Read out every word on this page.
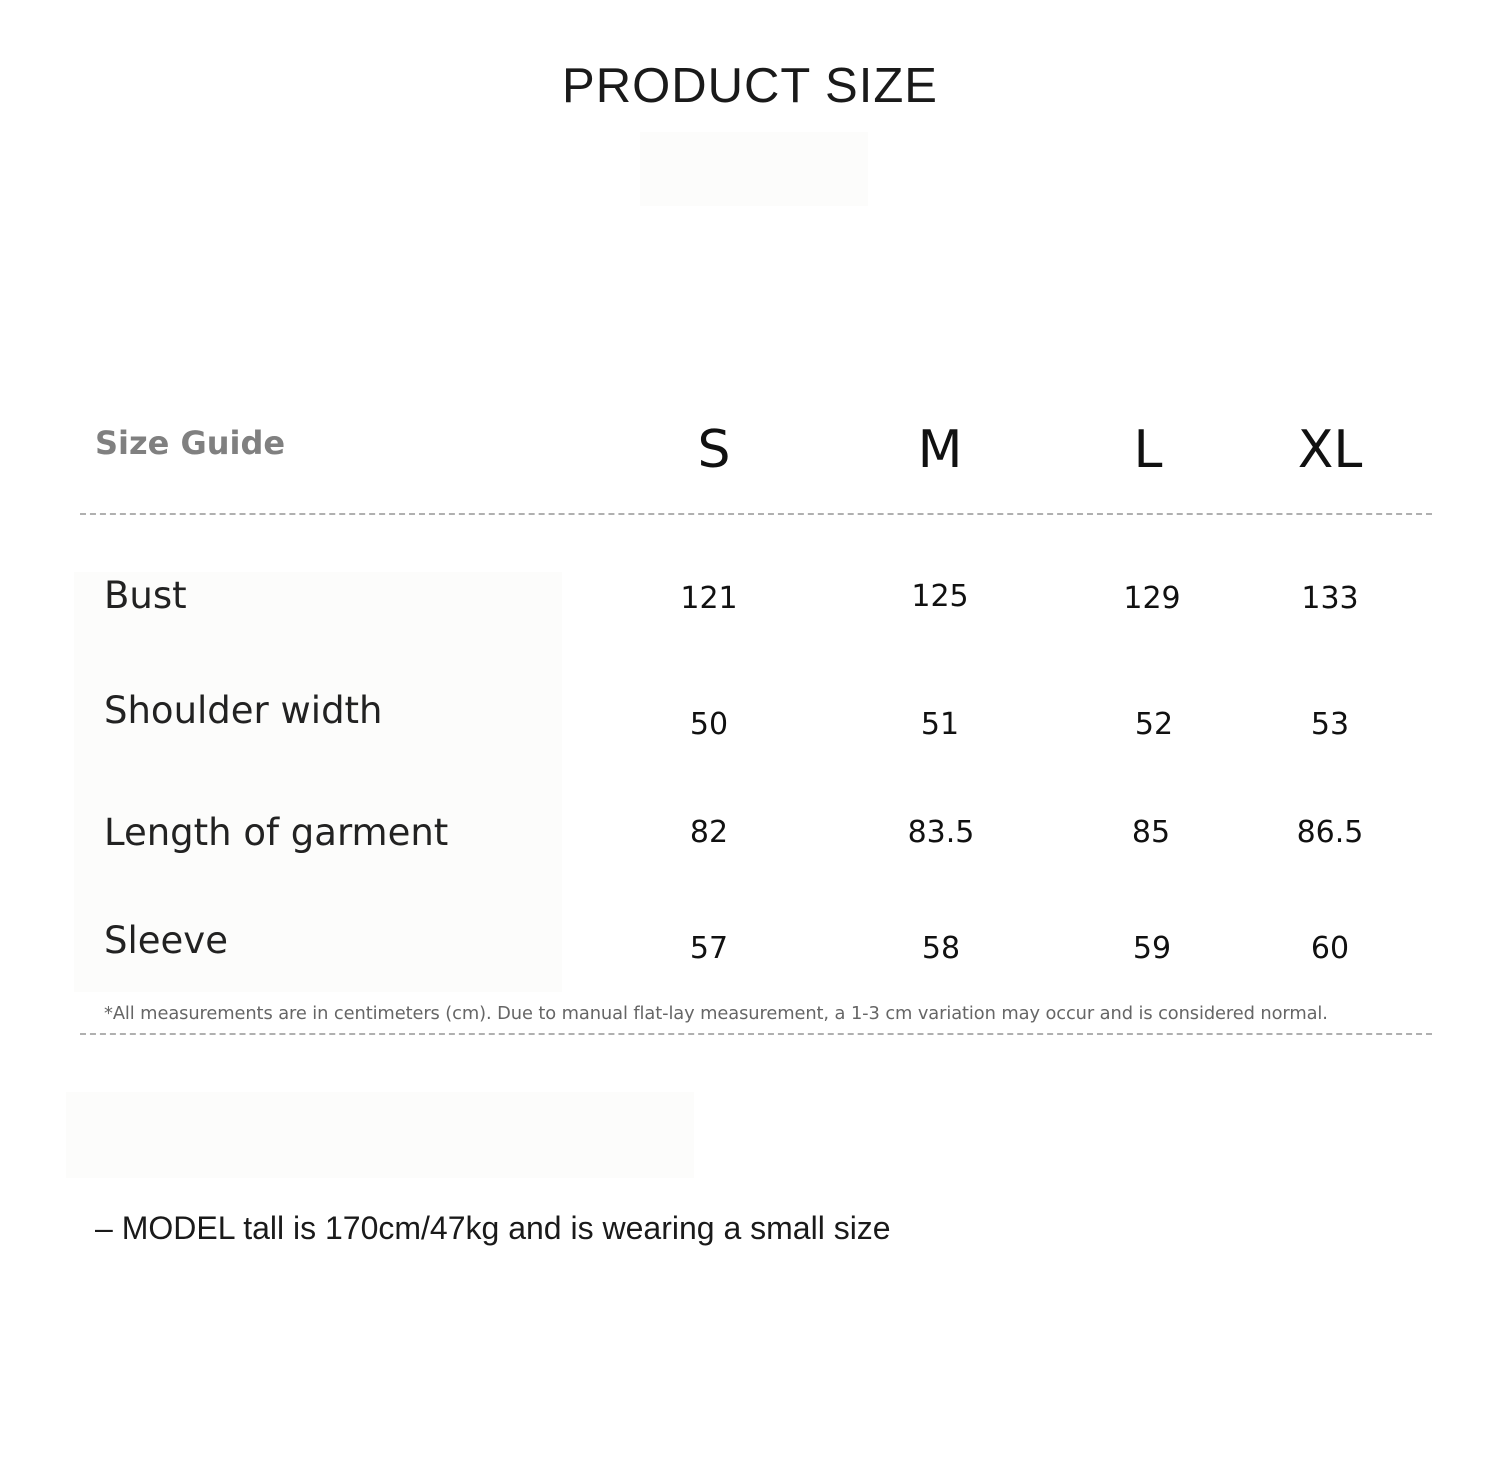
PRODUCT SIZE
Size Guide	S	M	L	XL
Bust	121	125	129	133
Shoulder width	50	51	52	53
Length of garment	82	83.5	85	86.5
Sleeve	57	58	59	60
*All measurements are in centimeters (cm). Due to manual flat-lay measurement, a 1-3 cm variation may occur and is considered normal.
– MODEL tall is 170cm/47kg and is wearing a small size
